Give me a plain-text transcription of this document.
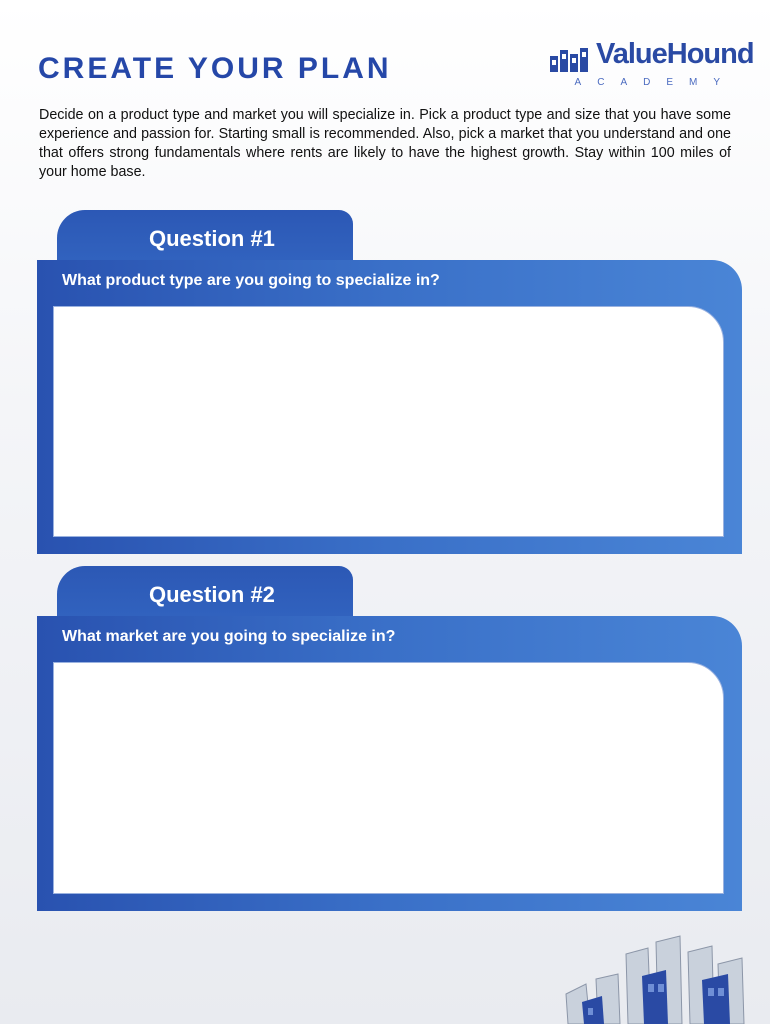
CREATE YOUR PLAN	ValueHound
ACADEMY

Decide on a product type and market you will specialize in. Pick a product type and size that you have some experience and passion for. Starting small is recommended. Also, pick a market that you understand and one that offers strong fundamentals where rents are likely to have the highest growth. Stay within 100 miles of your home base.

Question #1
What product type are you going to specialize in?
Question #2
What market are you going to specialize in?
